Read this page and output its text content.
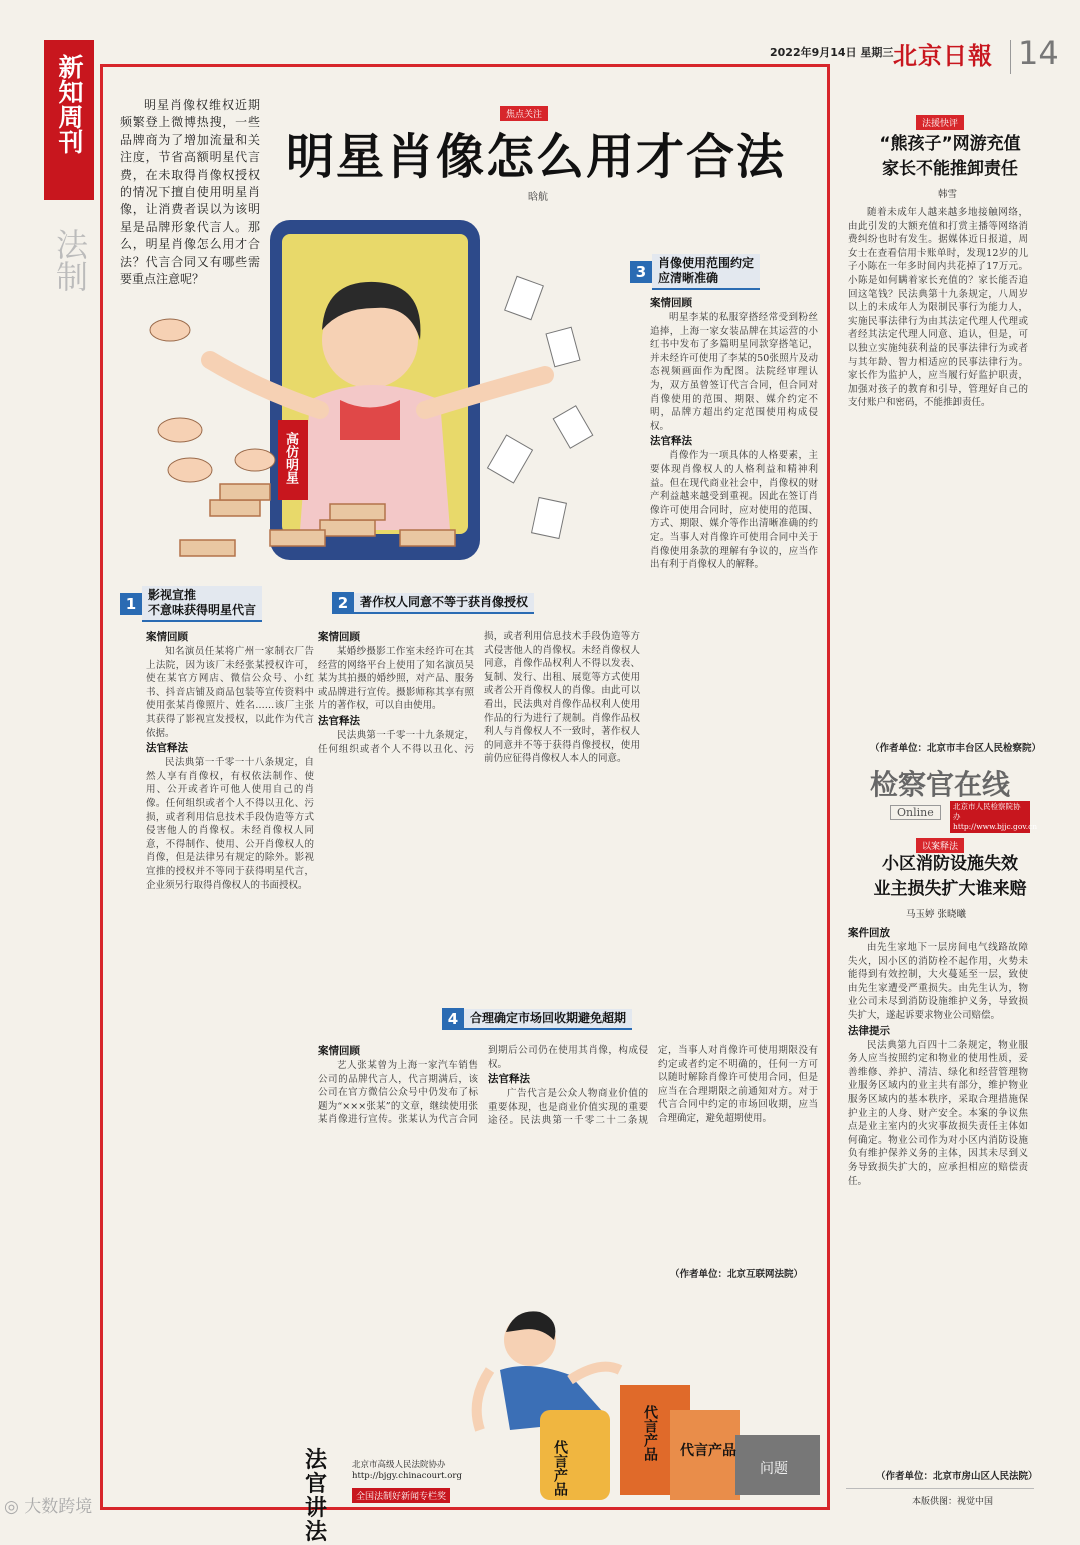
2022年9月14日 星期三 北京日報 14
新知周刊
法制
明星肖像权维权近期频繁登上微博热搜，一些品牌商为了增加流量和关注度，节省高额明星代言费，在未取得肖像权授权的情况下擅自使用明星肖像，让消费者误以为该明星是品牌形象代言人。那么，明星肖像怎么用才合法？代言合同又有哪些需要重点注意呢？
焦点关注
明星肖像怎么用才合法
晗航
高仿明星
3 肖像使用范围约定
应清晰准确
案情回顾

明星李某的私服穿搭经常受到粉丝追捧，上海一家女装品牌在其运营的小红书中发布了多篇明星同款穿搭笔记，并未经许可使用了李某的50张照片及动态视频画面作为配图。法院经审理认为，双方虽曾签订代言合同，但合同对肖像使用的范围、期限、媒介约定不明，品牌方超出约定范围使用构成侵权。

法官释法

肖像作为一项具体的人格要素，主要体现肖像权人的人格利益和精神利益。但在现代商业社会中，肖像权的财产利益越来越受到重视。因此在签订肖像许可使用合同时，应对使用的范围、方式、期限、媒介等作出清晰准确的约定。当事人对肖像许可使用合同中关于肖像使用条款的理解有争议的，应当作出有利于肖像权人的解释。

1 影视宣推
不意味获得明星代言
案情回顾

知名演员任某将广州一家制衣厂告上法院，因为该厂未经张某授权许可，使在某官方网店、微信公众号、小红书、抖音店铺及商品包装等宣传资料中使用张某肖像照片、姓名……该厂主张其获得了影视宣发授权，以此作为代言依据。

法官释法

民法典第一千零一十八条规定，自然人享有肖像权，有权依法制作、使用、公开或者许可他人使用自己的肖像。任何组织或者个人不得以丑化、污损，或者利用信息技术手段伪造等方式侵害他人的肖像权。未经肖像权人同意，不得制作、使用、公开肖像权人的肖像，但是法律另有规定的除外。影视宣推的授权并不等同于获得明星代言，企业须另行取得肖像权人的书面授权。

2 著作权人同意不等于获肖像授权
案情回顾

某婚纱摄影工作室未经许可在其经营的网络平台上使用了知名演员吴某为其拍摄的婚纱照，对产品、服务或品牌进行宣传。摄影师称其享有照片的著作权，可以自由使用。

法官释法

民法典第一千零一十九条规定，任何组织或者个人不得以丑化、污损，或者利用信息技术手段伪造等方式侵害他人的肖像权。未经肖像权人同意，肖像作品权利人不得以发表、复制、发行、出租、展览等方式使用或者公开肖像权人的肖像。由此可以看出，民法典对肖像作品权利人使用作品的行为进行了规制。肖像作品权利人与肖像权人不一致时，著作权人的同意并不等于获得肖像授权，使用前仍应征得肖像权人本人的同意。

4 合理确定市场回收期避免超期
案情回顾

艺人张某曾为上海一家汽车销售公司的品牌代言人，代言期满后，该公司在官方微信公众号中仍发布了标题为“×××张某”的文章，继续使用张某肖像进行宣传。张某认为代言合同到期后公司仍在使用其肖像，构成侵权。

法官释法

广告代言是公众人物商业价值的重要体现，也是商业价值实现的重要途径。民法典第一千零二十二条规定，当事人对肖像许可使用期限没有约定或者约定不明确的，任何一方可以随时解除肖像许可使用合同，但是应当在合理期限之前通知对方。对于代言合同中约定的市场回收期，应当合理确定，避免超期使用。

（作者单位：北京互联网法院）
代言产品
代言产品 代言产品
问题
法官讲法
北京市高级人民法院协办
http://bjgy.chinacourt.org
全国法制好新闻专栏奖
法援快评
“熊孩子”网游充值
家长不能推卸责任
韩雪

随着未成年人越来越多地接触网络，由此引发的大额充值和打赏主播等网络消费纠纷也时有发生。据媒体近日报道，周女士在查看信用卡账单时，发现12岁的儿子小陈在一年多时间内共花掉了17万元。小陈是如何瞒着家长充值的？家长能否追回这笔钱？民法典第十九条规定，八周岁以上的未成年人为限制民事行为能力人，实施民事法律行为由其法定代理人代理或者经其法定代理人同意、追认，但是，可以独立实施纯获利益的民事法律行为或者与其年龄、智力相适应的民事法律行为。家长作为监护人，应当履行好监护职责，加强对孩子的教育和引导，管理好自己的支付账户和密码，不能推卸责任。

（作者单位：北京市丰台区人民检察院）
检察官在线
Online	北京市人民检察院协办
http://www.bjjc.gov.cn
以案释法
小区消防设施失效
业主损失扩大谁来赔
马玉婷 张晓曦
案件回放

由先生家地下一层房间电气线路故障失火，因小区的消防栓不起作用，火势未能得到有效控制，大火蔓延至一层，致使由先生家遭受严重损失。由先生认为，物业公司未尽到消防设施维护义务，导致损失扩大，遂起诉要求物业公司赔偿。

法律提示

民法典第九百四十二条规定，物业服务人应当按照约定和物业的使用性质，妥善维修、养护、清洁、绿化和经营管理物业服务区域内的业主共有部分，维护物业服务区域内的基本秩序，采取合理措施保护业主的人身、财产安全。本案的争议焦点是业主室内的火灾事故损失责任主体如何确定。物业公司作为对小区内消防设施负有维护保养义务的主体，因其未尽到义务导致损失扩大的，应承担相应的赔偿责任。

（作者单位：北京市房山区人民法院）
本版供图：视觉中国
◎ 大数跨境
